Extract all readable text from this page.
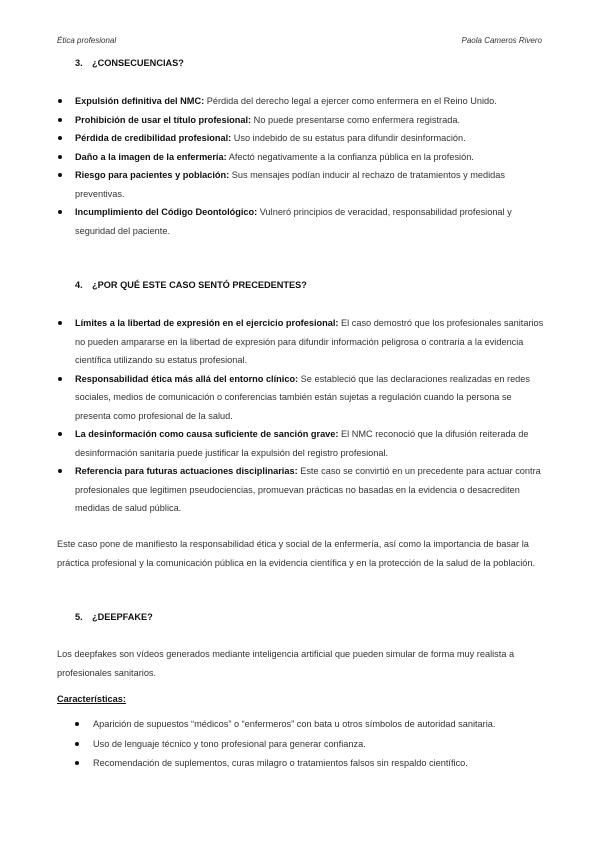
Ética profesional	Paola Cameros Rivero
3. ¿CONSECUENCIAS?
Expulsión definitiva del NMC: Pérdida del derecho legal a ejercer como enfermera en el Reino Unido.
Prohibición de usar el título profesional: No puede presentarse como enfermera registrada.
Pérdida de credibilidad profesional: Uso indebido de su estatus para difundir desinformación.
Daño a la imagen de la enfermería: Afectó negativamente a la confianza pública en la profesión.
Riesgo para pacientes y población: Sus mensajes podían inducir al rechazo de tratamientos y medidas preventivas.
Incumplimiento del Código Deontológico: Vulneró principios de veracidad, responsabilidad profesional y seguridad del paciente.
4. ¿POR QUÉ ESTE CASO SENTÓ PRECEDENTES?
Límites a la libertad de expresión en el ejercicio profesional: El caso demostró que los profesionales sanitarios no pueden ampararse en la libertad de expresión para difundir información peligrosa o contraria a la evidencia científica utilizando su estatus profesional.
Responsabilidad ética más allá del entorno clínico: Se estableció que las declaraciones realizadas en redes sociales, medios de comunicación o conferencias también están sujetas a regulación cuando la persona se presenta como profesional de la salud.
La desinformación como causa suficiente de sanción grave: El NMC reconoció que la difusión reiterada de desinformación sanitaria puede justificar la expulsión del registro profesional.
Referencia para futuras actuaciones disciplinarias: Este caso se convirtió en un precedente para actuar contra profesionales que legitimen pseudociencias, promuevan prácticas no basadas en la evidencia o desacrediten medidas de salud pública.

Este caso pone de manifiesto la responsabilidad ética y social de la enfermería, así como la importancia de basar la práctica profesional y la comunicación pública en la evidencia científica y en la protección de la salud de la población.

5. ¿DEEPFAKE?

Los deepfakes son vídeos generados mediante inteligencia artificial que pueden simular de forma muy realista a profesionales sanitarios.

Características:
Aparición de supuestos “médicos” o “enfermeros” con bata u otros símbolos de autoridad sanitaria.
Uso de lenguaje técnico y tono profesional para generar confianza.
Recomendación de suplementos, curas milagro o tratamientos falsos sin respaldo científico.
